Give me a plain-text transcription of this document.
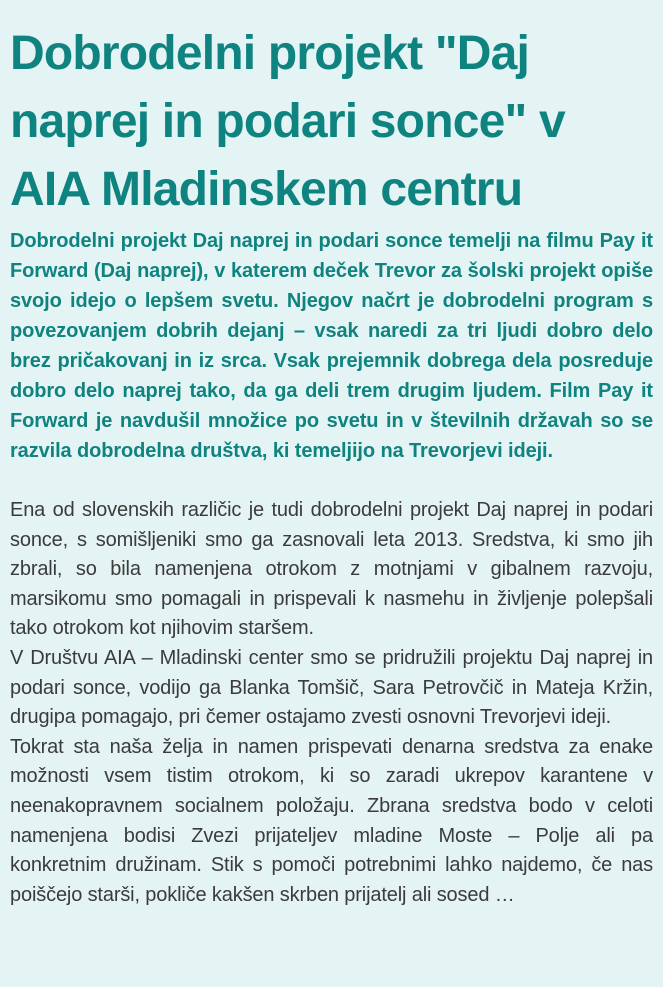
Dobrodelni projekt "Daj naprej in podari sonce" v AIA Mladinskem centru

Dobrodelni projekt Daj naprej in podari sonce temelji na filmu Pay it Forward (Daj naprej), v katerem deček Trevor za šolski projekt opiše svojo idejo o lepšem svetu. Njegov načrt je dobrodelni program s povezovanjem dobrih dejanj – vsak naredi za tri ljudi dobro delo brez pričakovanj in iz srca. Vsak prejemnik dobrega dela posreduje dobro delo naprej tako, da ga deli trem drugim ljudem. Film Pay it Forward je navdušil množice po svetu in v številnih državah so se razvila dobrodelna društva, ki temeljijo na Trevorjevi ideji.

Ena od slovenskih različic je tudi dobrodelni projekt Daj naprej in podari sonce, s somišljeniki smo ga zasnovali leta 2013. Sredstva, ki smo jih zbrali, so bila namenjena otrokom z motnjami v gibalnem razvoju, marsikomu smo pomagali in prispevali k nasmehu in življenje polepšali tako otrokom kot njihovim staršem.

V Društvu AIA – Mladinski center smo se pridružili projektu Daj naprej in podari sonce, vodijo ga Blanka Tomšič, Sara Petrovčič in Mateja Kržin, drugipa pomagajo, pri čemer ostajamo zvesti osnovni Trevorjevi ideji.

Tokrat sta naša želja in namen prispevati denarna sredstva za enake možnosti vsem tistim otrokom, ki so zaradi ukrepov karantene v neenakopravnem socialnem položaju. Zbrana sredstva bodo v celoti namenjena bodisi Zvezi prijateljev mladine Moste – Polje ali pa konkretnim družinam. Stik s pomoči potrebnimi lahko najdemo, če nas poiščejo starši, pokliče kakšen skrben prijatelj ali sosed …
